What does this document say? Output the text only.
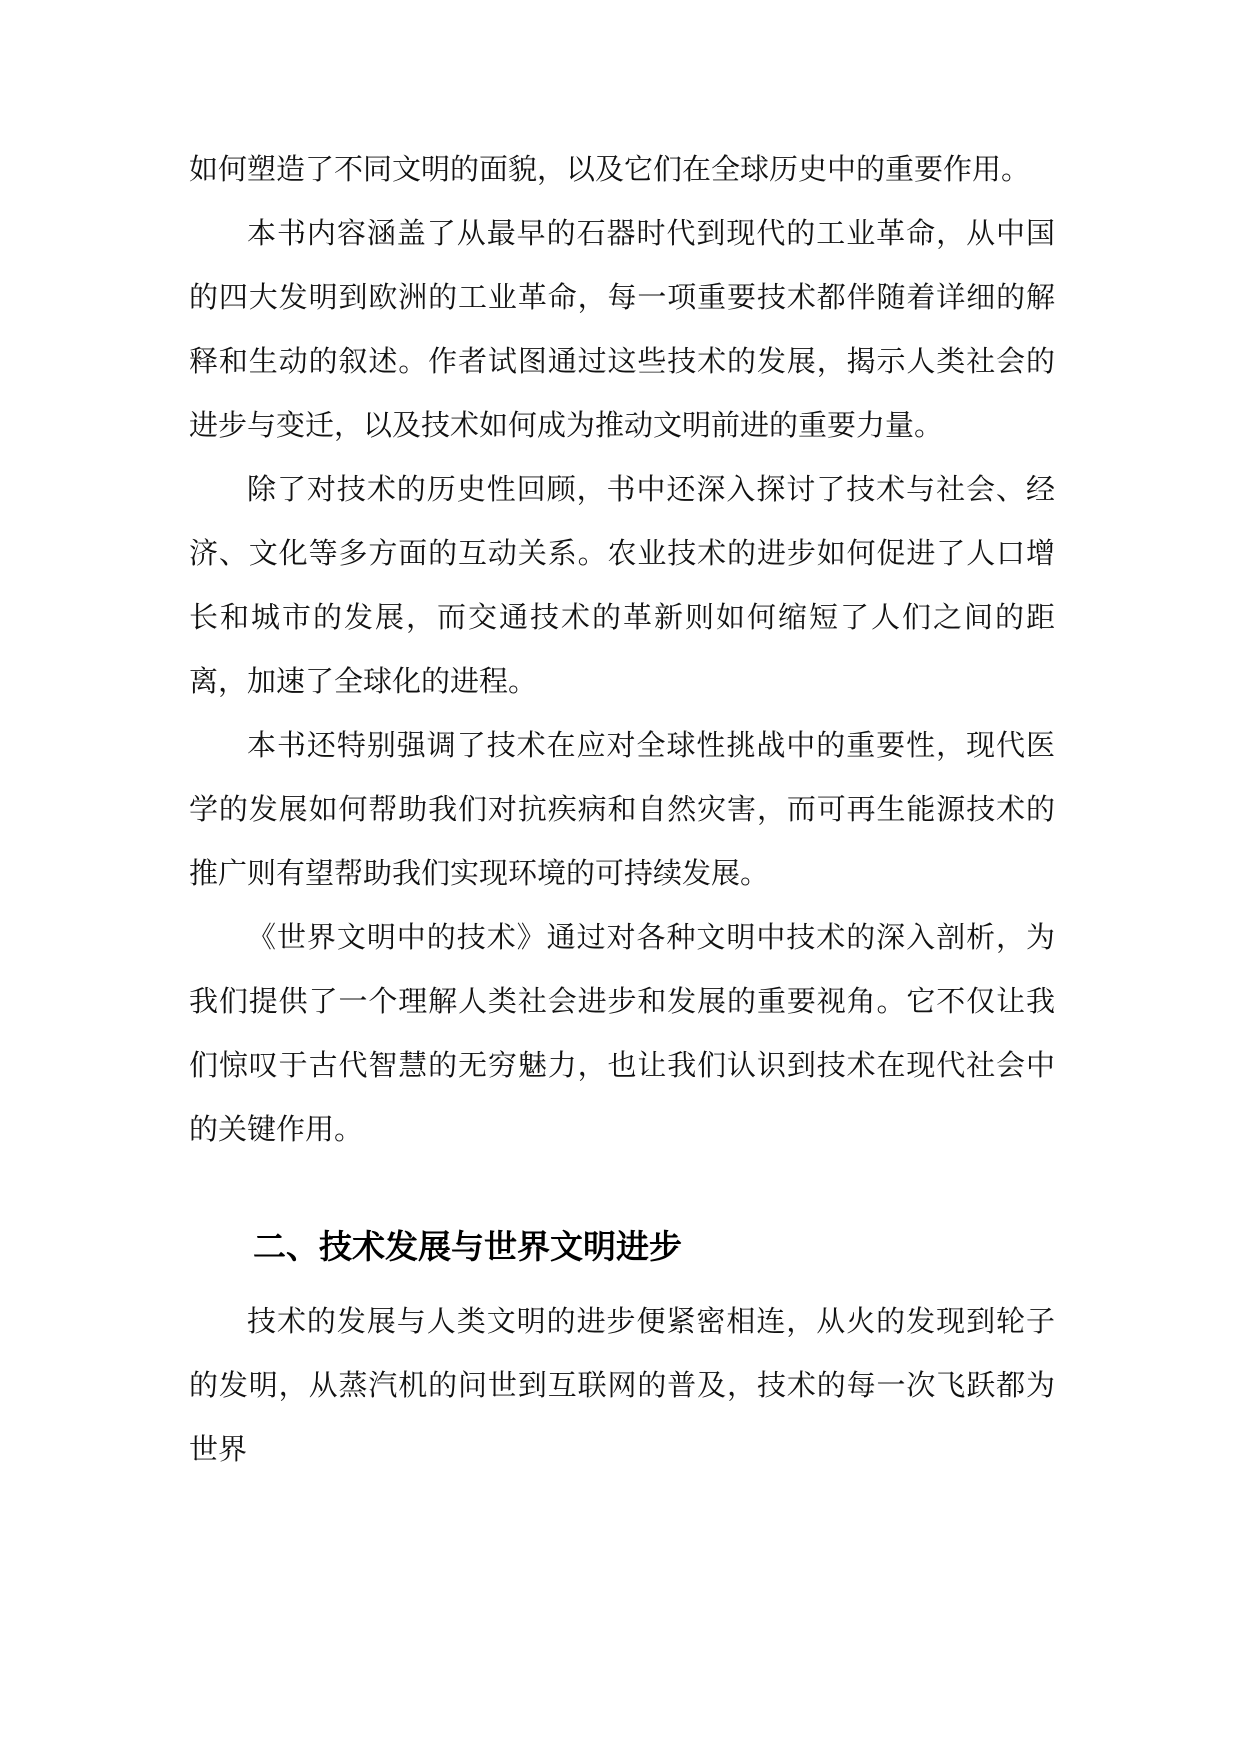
如何塑造了不同文明的面貌，以及它们在全球历史中的重要作用。

本书内容涵盖了从最早的石器时代到现代的工业革命，从中国的四大发明到欧洲的工业革命，每一项重要技术都伴随着详细的解释和生动的叙述。作者试图通过这些技术的发展，揭示人类社会的进步与变迁，以及技术如何成为推动文明前进的重要力量。

除了对技术的历史性回顾，书中还深入探讨了技术与社会、经济、文化等多方面的互动关系。农业技术的进步如何促进了人口增长和城市的发展，而交通技术的革新则如何缩短了人们之间的距离，加速了全球化的进程。

本书还特别强调了技术在应对全球性挑战中的重要性，现代医学的发展如何帮助我们对抗疾病和自然灾害，而可再生能源技术的推广则有望帮助我们实现环境的可持续发展。

《世界文明中的技术》通过对各种文明中技术的深入剖析，为我们提供了一个理解人类社会进步和发展的重要视角。它不仅让我们惊叹于古代智慧的无穷魅力，也让我们认识到技术在现代社会中的关键作用。

二、技术发展与世界文明进步

技术的发展与人类文明的进步便紧密相连，从火的发现到轮子的发明，从蒸汽机的问世到互联网的普及，技术的每一次飞跃都为世界
